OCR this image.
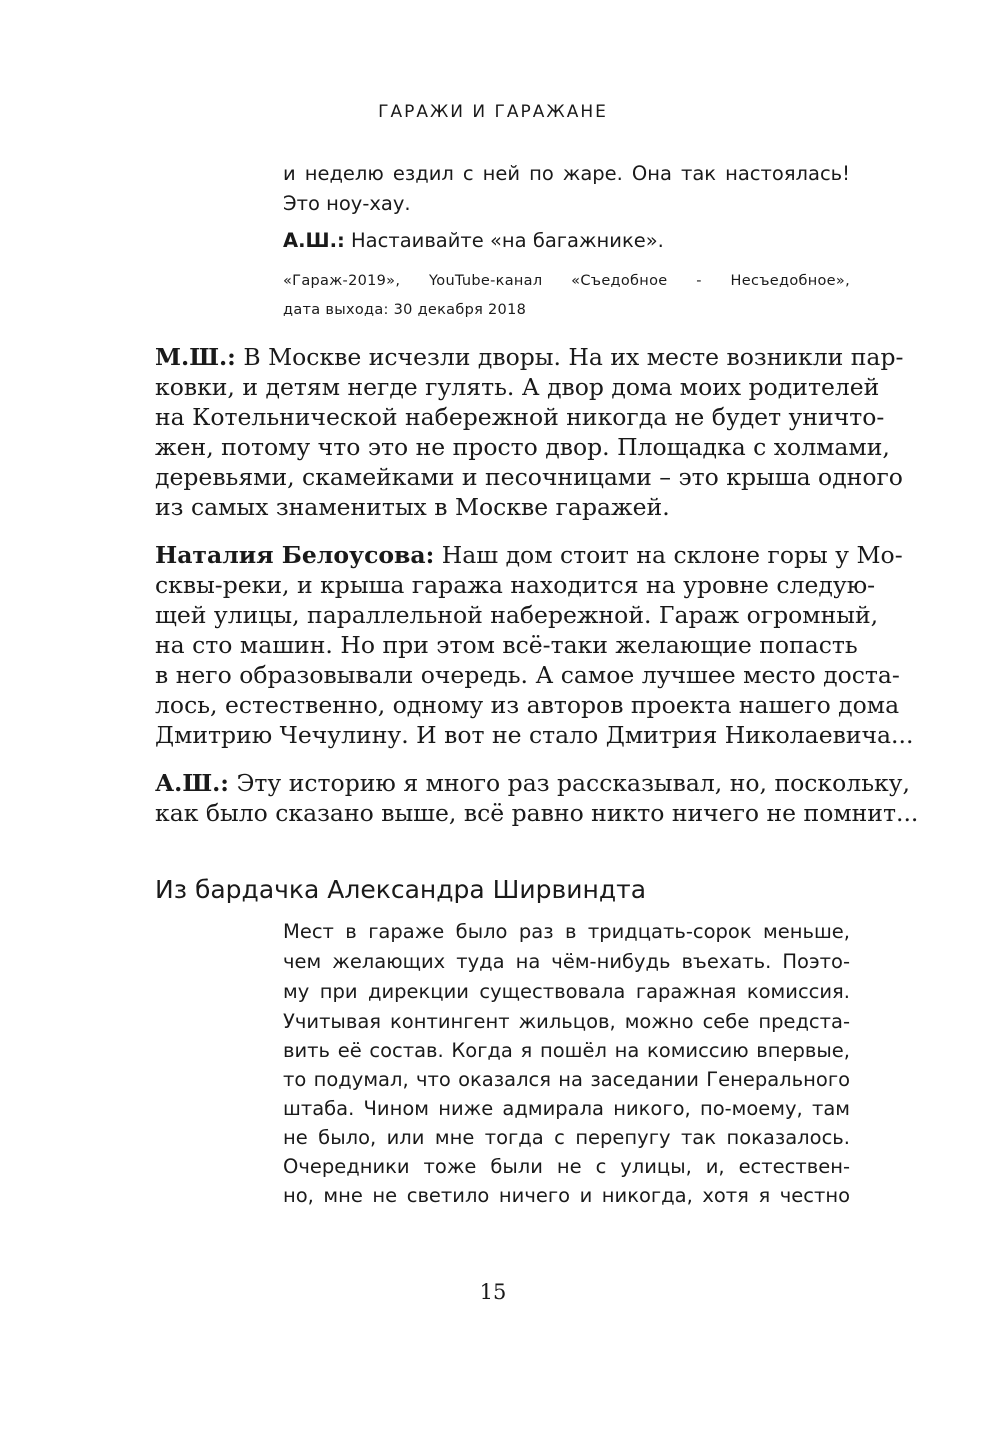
ГАРАЖИ И ГАРАЖАНЕ
и неделю ездил с ней по жаре. Она так настоялась!
Это ноу-хау.
А.Ш.: Настаивайте «на багажнике».
«Гараж-2019», YouTube-канал «Съедобное - Несъедобное»,
дата выхода: 30 декабря 2018
М.Ш.: В Москве исчезли дворы. На их месте возникли пар-
ковки, и детям негде гулять. А двор дома моих родителей
на Котельнической набережной никогда не будет уничто-
жен, потому что это не просто двор. Площадка с холмами,
деревьями, скамейками и песочницами – это крыша одного
из самых знаменитых в Москве гаражей.
Наталия Белоусова: Наш дом стоит на склоне горы у Мо-
сквы-реки, и крыша гаража находится на уровне следую-
щей улицы, параллельной набережной. Гараж огромный,
на сто машин. Но при этом всё-таки желающие попасть
в него образовывали очередь. А самое лучшее место доста-
лось, естественно, одному из авторов проекта нашего дома
Дмитрию Чечулину. И вот не стало Дмитрия Николаевича...
А.Ш.: Эту историю я много раз рассказывал, но, поскольку,
как было сказано выше, всё равно никто ничего не помнит...
Из бардачка Александра Ширвиндта
Мест в гараже было раз в тридцать-сорок меньше,
чем желающих туда на чём-нибудь въехать. Поэто-
му при дирекции существовала гаражная комиссия.
Учитывая контингент жильцов, можно себе предста-
вить её состав. Когда я пошёл на комиссию впервые,
то подумал, что оказался на заседании Генерального
штаба. Чином ниже адмирала никого, по-моему, там
не было, или мне тогда с перепугу так показалось.
Очередники тоже были не с улицы, и, естествен-
но, мне не светило ничего и никогда, хотя я честно
15
